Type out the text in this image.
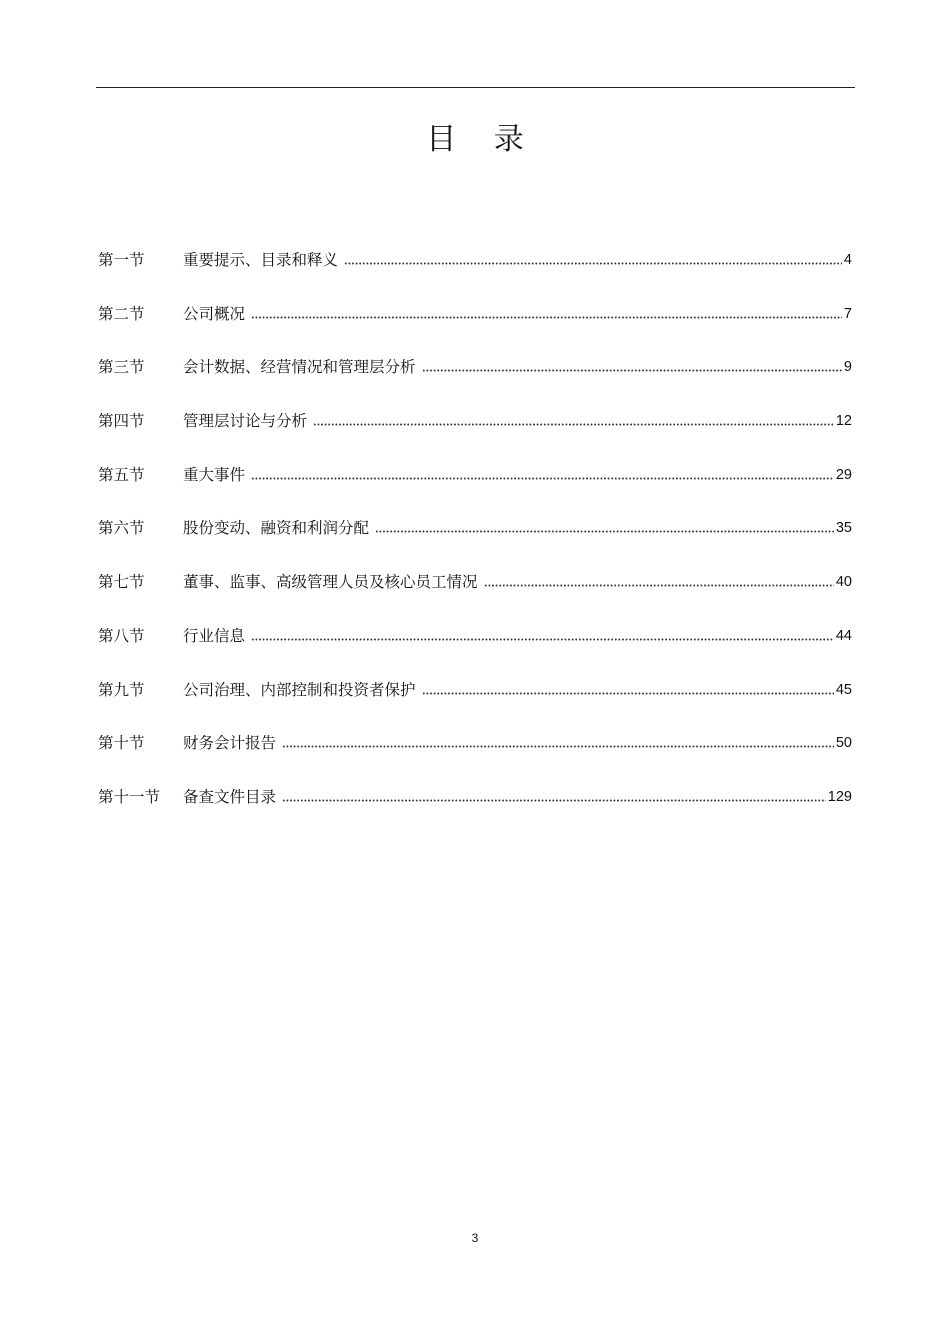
目 录
第一节	重要提示、目录和释义	4
第二节	公司概况	7
第三节	会计数据、经营情况和管理层分析	9
第四节	管理层讨论与分析	12
第五节	重大事件	29
第六节	股份变动、融资和利润分配	35
第七节	董事、监事、高级管理人员及核心员工情况	40
第八节	行业信息	44
第九节	公司治理、内部控制和投资者保护	45
第十节	财务会计报告	50
第十一节	备查文件目录	129
3
